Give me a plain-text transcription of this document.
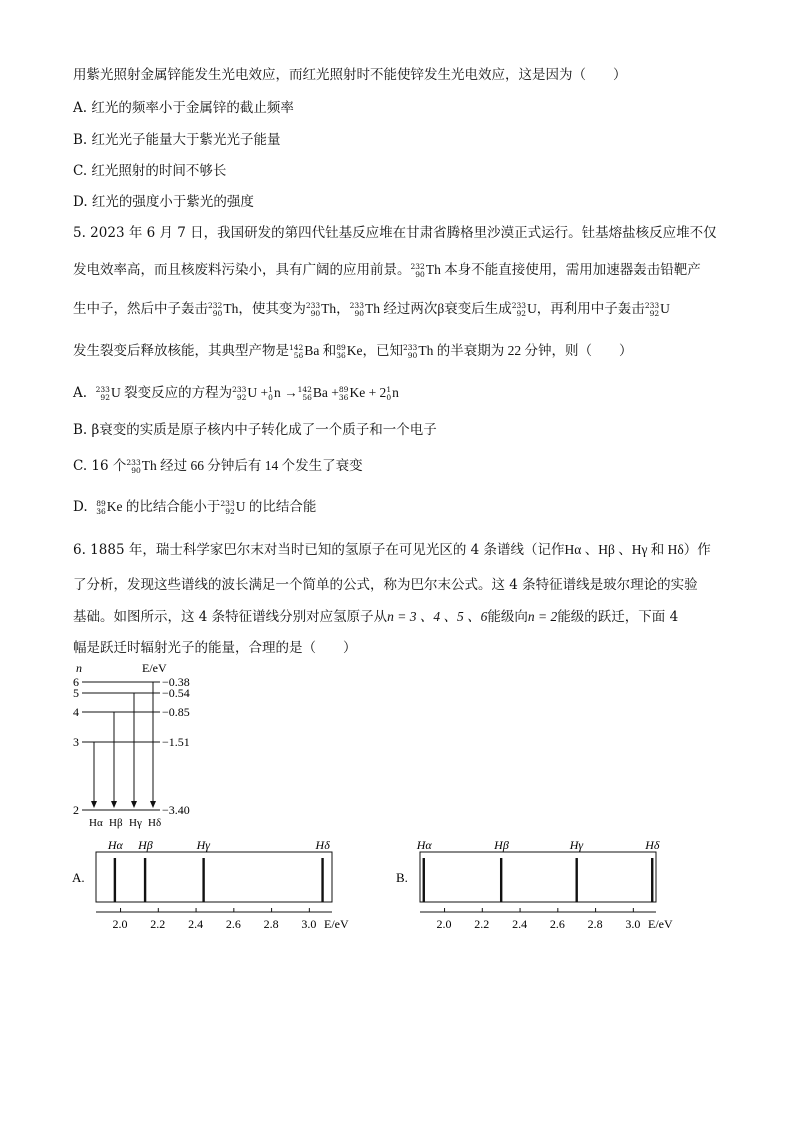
用紫光照射金属锌能发生光电效应，而红光照射时不能使锌发生光电效应，这是因为（　　）
A. 红光的频率小于金属锌的截止频率
B. 红光光子能量大于紫光光子能量
C. 红光照射的时间不够长
D. 红光的强度小于紫光的强度
5. 2023 年 6 月 7 日，我国研发的第四代钍基反应堆在甘肃省腾格里沙漠正式运行。钍基熔盐核反应堆不仅
发电效率高，而且核废料污染小，具有广阔的应用前景。 232
90 Th 本身不能直接使用，需用加速器轰击铅靶产
生中子，然后中子轰击 232
90 Th，使其变为 233
90 Th， 233
90 Th 经过两次β衰变后生成 233
92 U，再利用中子轰击 233
92 U
发生裂变后释放核能，其典型产物是 142
56 Ba 和 89
36 Ke，已知 233
90 Th 的半衰期为 22 分钟，则（　　）
A. 233
92 U 裂变反应的方程为 233
92 U + 1
0 n → 142
56 Ba + 89
36 Ke + 2 1
0 n
B. β衰变的实质是原子核内中子转化成了一个质子和一个电子
C. 16 个 233
90 Th 经过 66 分钟后有 14 个发生了衰变
D. 89
36 Ke 的比结合能小于 233
92 U 的比结合能
6. 1885 年，瑞士科学家巴尔末对当时已知的氢原子在可见光区的 4 条谱线（记作Hα 、Hβ 、Hγ 和 Hδ）作
了分析，发现这些谱线的波长满足一个简单的公式，称为巴尔末公式。这 4 条特征谱线是玻尔理论的实验
基础。如图所示，这 4 条特征谱线分别对应氢原子从n = 3 、4 、5 、6能级向n = 2能级的跃迁，下面 4
幅是跃迁时辐射光子的能量，合理的是（　　）
n	E/eV
6	−0.38
5	−0.54
4	−0.85
3	−1.51
2	−3.40
Hα Hβ Hγ Hδ
A.
Hα Hβ	Hγ	Hδ
2.0 2.2 2.4 2.6 2.8 3.0 E/eV
B.
Hα	Hβ	Hγ	Hδ
2.0 2.2 2.4 2.6 2.8 3.0 E/eV
